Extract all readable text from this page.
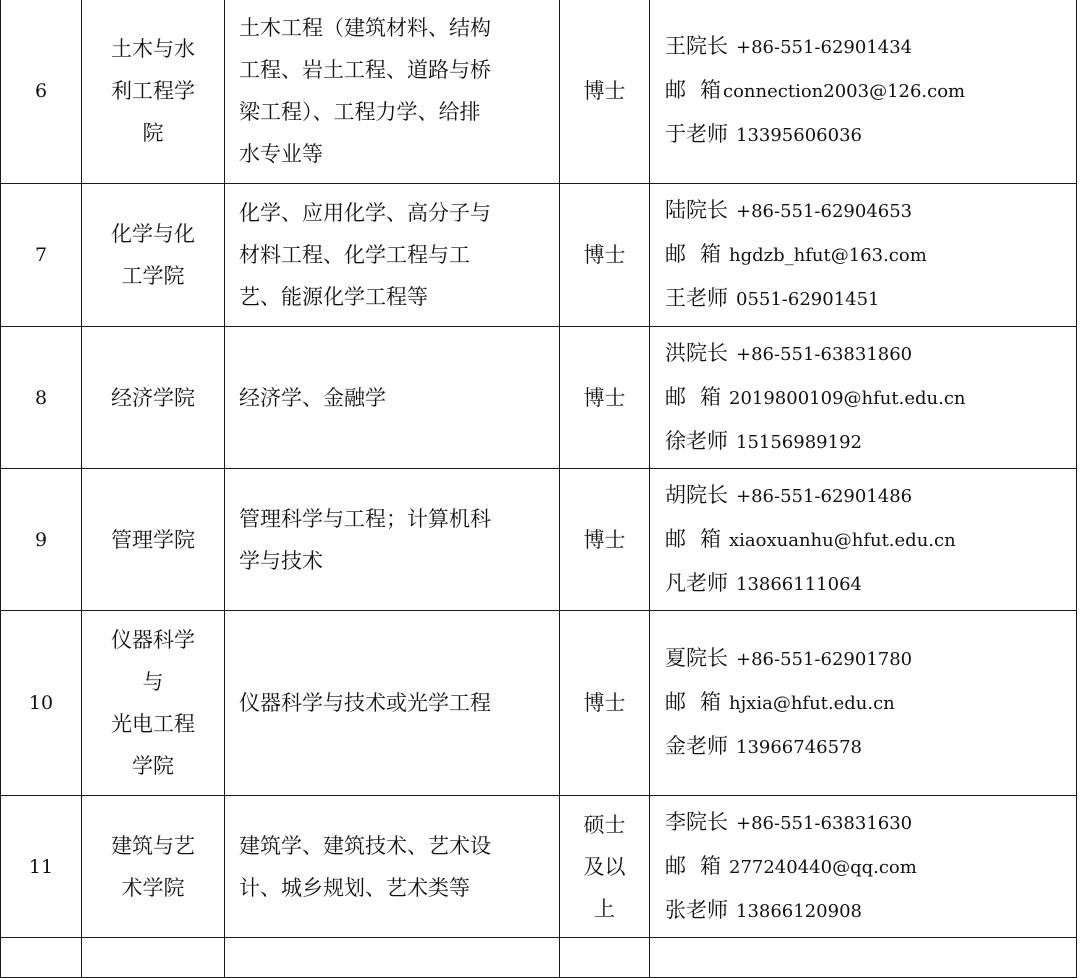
6	土木与水
利工程学
院	土木工程（建筑材料、结构
工程、岩土工程、道路与桥
梁工程）、工程力学、给排
水专业等	博士	王院长 +86-551-62901434
邮 箱 connection2003@126.com
于老师 13395606036

7	化学与化
工学院	化学、应用化学、高分子与
材料工程、化学工程与工
艺、能源化学工程等	博士	陆院长 +86-551-62904653
邮 箱 hgdzb_hfut@163.com
王老师 0551-62901451

8	经济学院	经济学、金融学	博士	洪院长 +86-551-63831860
邮 箱 2019800109@hfut.edu.cn
徐老师 15156989192

9	管理学院	管理科学与工程；计算机科
学与技术	博士	胡院长 +86-551-62901486
邮 箱 xiaoxuanhu@hfut.edu.cn
凡老师 13866111064

10	仪器科学
与
光电工程
学院	仪器科学与技术或光学工程	博士	夏院长 +86-551-62901780
邮 箱 hjxia@hfut.edu.cn
金老师 13966746578

11	建筑与艺
术学院	建筑学、建筑技术、艺术设
计、城乡规划、艺术类等	硕士
及以
上	李院长 +86-551-63831630
邮 箱 277240440@qq.com
张老师 13866120908
